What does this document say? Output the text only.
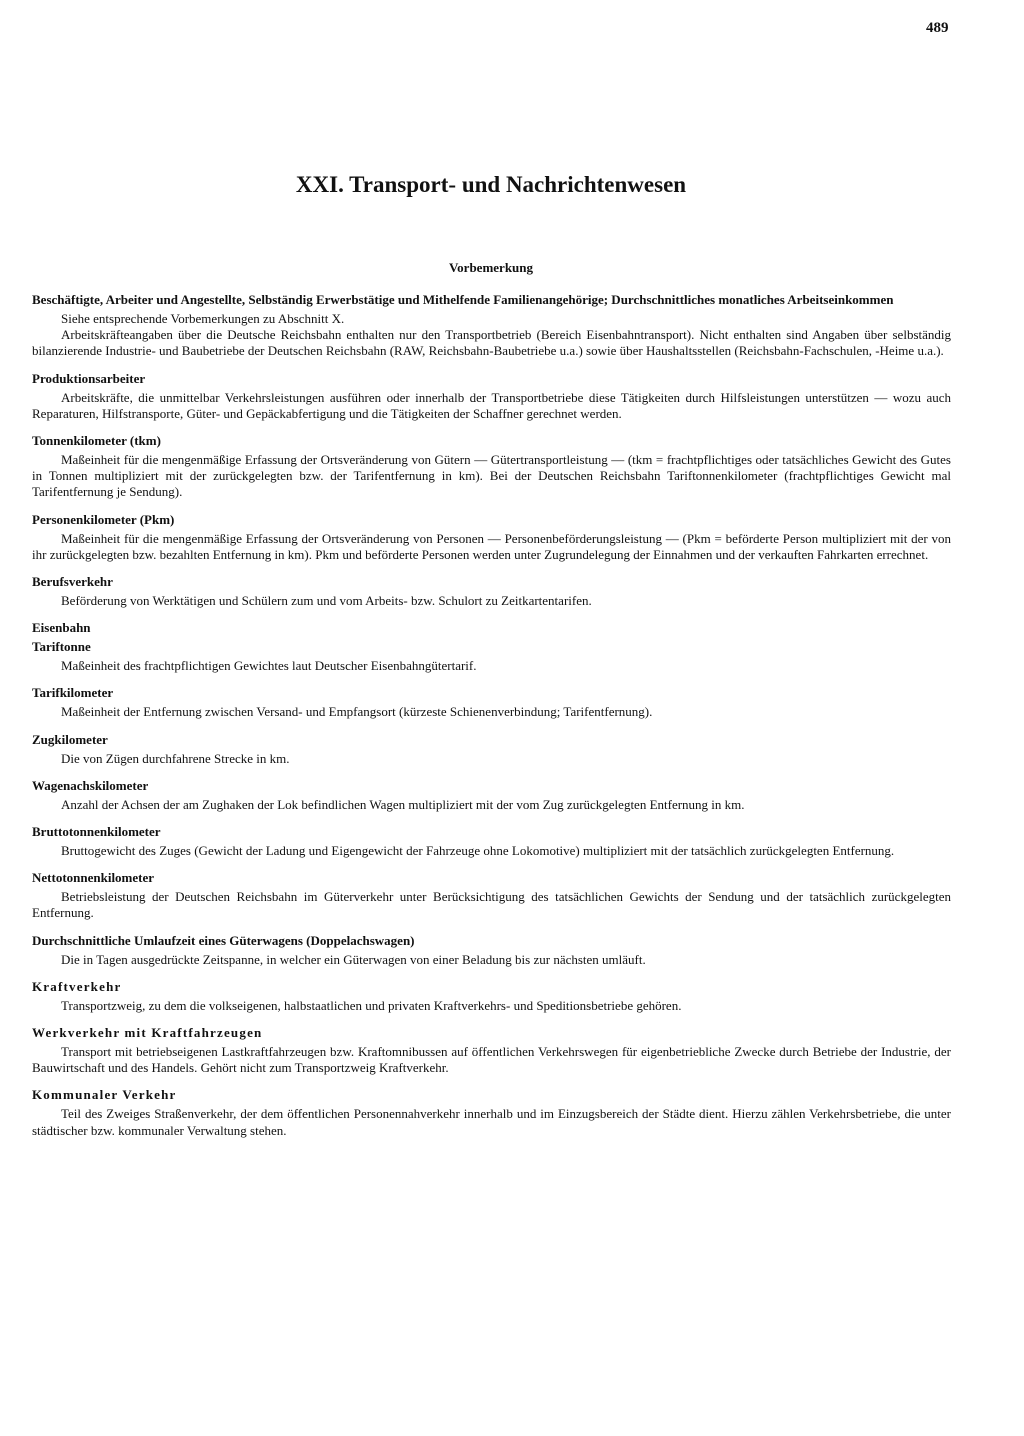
489
XXI. Transport- und Nachrichtenwesen
Vorbemerkung
Beschäftigte, Arbeiter und Angestellte, Selbständig Erwerbstätige und Mithelfende Familienangehörige; Durchschnittliches monatliches Arbeitseinkommen

Siehe entsprechende Vorbemerkungen zu Abschnitt X.

Arbeitskräfteangaben über die Deutsche Reichsbahn enthalten nur den Transportbetrieb (Bereich Eisenbahntransport). Nicht enthalten sind Angaben über selbständig bilanzierende Industrie- und Baubetriebe der Deutschen Reichsbahn (RAW, Reichsbahn-Baubetriebe u.a.) sowie über Haushaltsstellen (Reichsbahn-Fachschulen, -Heime u.a.).

Produktionsarbeiter

Arbeitskräfte, die unmittelbar Verkehrsleistungen ausführen oder innerhalb der Transportbetriebe diese Tätigkeiten durch Hilfsleistungen unterstützen — wozu auch Reparaturen, Hilfstransporte, Güter- und Gepäckabfertigung und die Tätigkeiten der Schaffner gerechnet werden.

Tonnenkilometer (tkm)

Maßeinheit für die mengenmäßige Erfassung der Ortsveränderung von Gütern — Gütertransportleistung — (tkm = frachtpflichtiges oder tatsächliches Gewicht des Gutes in Tonnen multipliziert mit der zurückgelegten bzw. der Tarifentfernung in km). Bei der Deutschen Reichsbahn Tariftonnenkilometer (frachtpflichtiges Gewicht mal Tarifentfernung je Sendung).

Personenkilometer (Pkm)

Maßeinheit für die mengenmäßige Erfassung der Ortsveränderung von Personen — Personenbeförderungsleistung — (Pkm = beförderte Person multipliziert mit der von ihr zurückgelegten bzw. bezahlten Entfernung in km). Pkm und beförderte Personen werden unter Zugrundelegung der Einnahmen und der verkauften Fahrkarten errechnet.

Berufsverkehr

Beförderung von Werktätigen und Schülern zum und vom Arbeits- bzw. Schulort zu Zeitkartentarifen.

Eisenbahn
Tariftonne

Maßeinheit des frachtpflichtigen Gewichtes laut Deutscher Eisenbahngütertarif.

Tarifkilometer

Maßeinheit der Entfernung zwischen Versand- und Empfangsort (kürzeste Schienenverbindung; Tarifentfernung).

Zugkilometer

Die von Zügen durchfahrene Strecke in km.

Wagenachskilometer

Anzahl der Achsen der am Zughaken der Lok befindlichen Wagen multipliziert mit der vom Zug zurückgelegten Entfernung in km.

Bruttotonnenkilometer

Bruttogewicht des Zuges (Gewicht der Ladung und Eigengewicht der Fahrzeuge ohne Lokomotive) multipliziert mit der tatsächlich zurückgelegten Entfernung.

Nettotonnenkilometer

Betriebsleistung der Deutschen Reichsbahn im Güterverkehr unter Berücksichtigung des tatsächlichen Gewichts der Sendung und der tatsächlich zurückgelegten Entfernung.

Durchschnittliche Umlaufzeit eines Güterwagens (Doppelachswagen)

Die in Tagen ausgedrückte Zeitspanne, in welcher ein Güterwagen von einer Beladung bis zur nächsten umläuft.

Kraftverkehr

Transportzweig, zu dem die volkseigenen, halbstaatlichen und privaten Kraftverkehrs- und Speditionsbetriebe gehören.

Werkverkehr mit Kraftfahrzeugen

Transport mit betriebseigenen Lastkraftfahrzeugen bzw. Kraftomnibussen auf öffentlichen Verkehrswegen für eigenbetriebliche Zwecke durch Betriebe der Industrie, der Bauwirtschaft und des Handels. Gehört nicht zum Transportzweig Kraftverkehr.

Kommunaler Verkehr

Teil des Zweiges Straßenverkehr, der dem öffentlichen Personennahverkehr innerhalb und im Einzugsbereich der Städte dient. Hierzu zählen Verkehrsbetriebe, die unter städtischer bzw. kommunaler Verwaltung stehen.
